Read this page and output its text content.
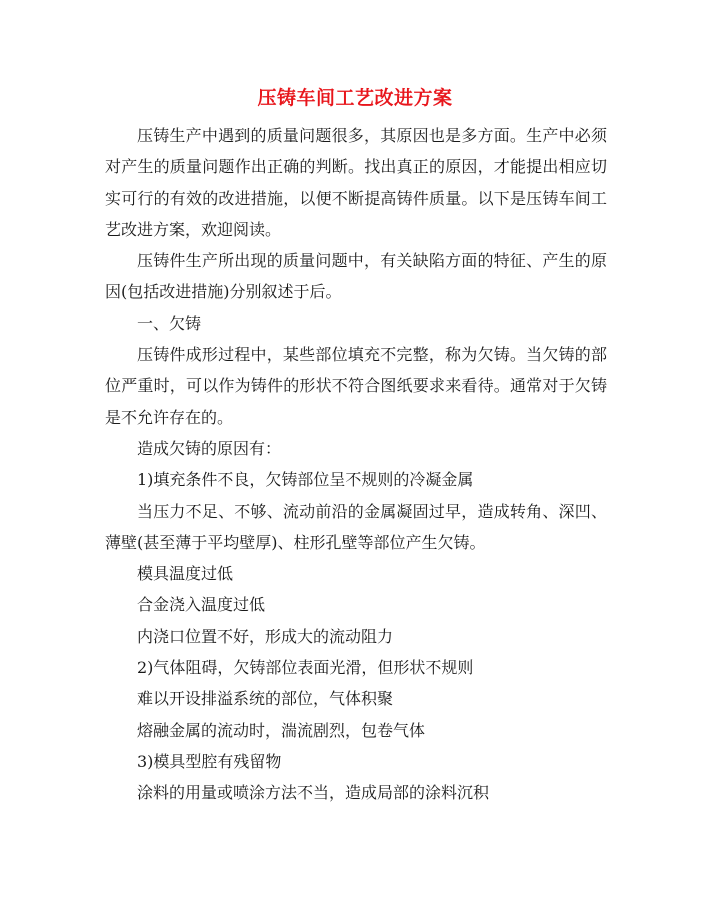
压铸车间工艺改进方案

压铸生产中遇到的质量问题很多，其原因也是多方面。生产中必须对产生的质量问题作出正确的判断。找出真正的原因，才能提出相应切实可行的有效的改进措施，以便不断提高铸件质量。以下是压铸车间工艺改进方案，欢迎阅读。

压铸件生产所出现的质量问题中，有关缺陷方面的特征、产生的原因(包括改进措施)分别叙述于后。

一、欠铸

压铸件成形过程中，某些部位填充不完整，称为欠铸。当欠铸的部位严重时，可以作为铸件的形状不符合图纸要求来看待。通常对于欠铸是不允许存在的。

造成欠铸的原因有：

1)填充条件不良，欠铸部位呈不规则的冷凝金属

当压力不足、不够、流动前沿的金属凝固过早，造成转角、深凹、薄壁(甚至薄于平均壁厚)、柱形孔壁等部位产生欠铸。

模具温度过低

合金浇入温度过低

内浇口位置不好，形成大的流动阻力

2)气体阻碍，欠铸部位表面光滑，但形状不规则

难以开设排溢系统的部位，气体积聚

熔融金属的流动时，湍流剧烈，包卷气体

3)模具型腔有残留物

涂料的用量或喷涂方法不当，造成局部的涂料沉积
